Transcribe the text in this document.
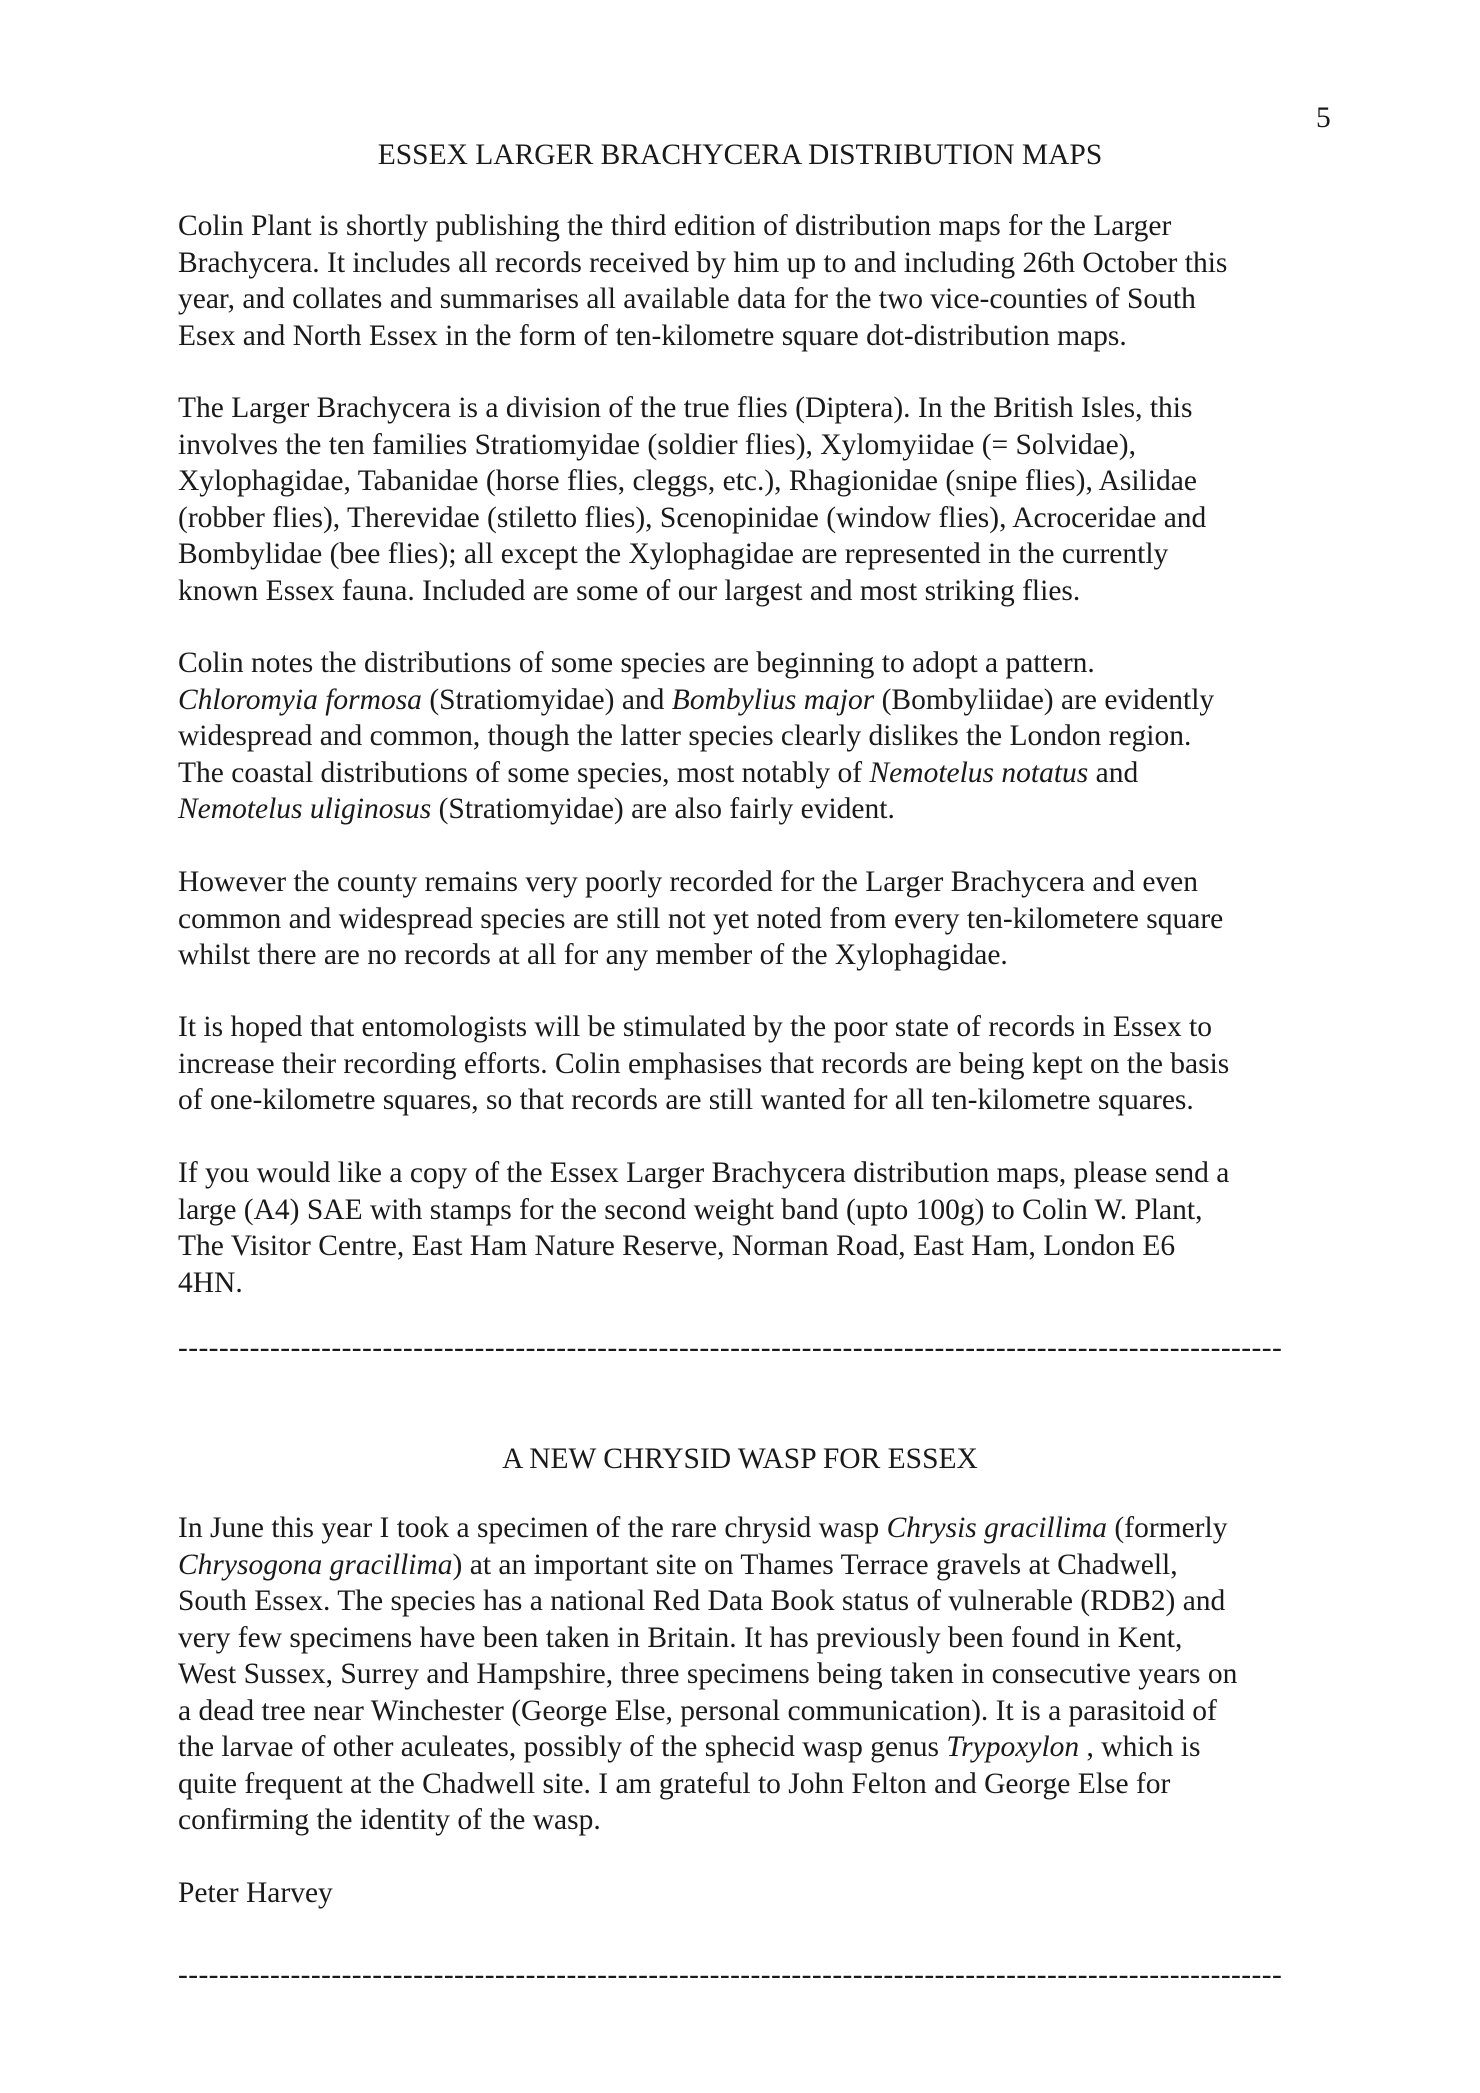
5
ESSEX LARGER BRACHYCERA DISTRIBUTION MAPS
Colin Plant is shortly publishing the third edition of distribution maps for the Larger
Brachycera. It includes all records received by him up to and including 26th October this
year, and collates and summarises all available data for the two vice-counties of South
Esex and North Essex in the form of ten-kilometre square dot-distribution maps.
The Larger Brachycera is a division of the true flies (Diptera). In the British Isles, this
involves the ten families Stratiomyidae (soldier flies), Xylomyiidae (= Solvidae),
Xylophagidae, Tabanidae (horse flies, cleggs, etc.), Rhagionidae (snipe flies), Asilidae
(robber flies), Therevidae (stiletto flies), Scenopinidae (window flies), Acroceridae and
Bombylidae (bee flies); all except the Xylophagidae are represented in the currently
known Essex fauna. Included are some of our largest and most striking flies.
Colin notes the distributions of some species are beginning to adopt a pattern.
Chloromyia formosa (Stratiomyidae) and Bombylius major (Bombyliidae) are evidently
widespread and common, though the latter species clearly dislikes the London region.
The coastal distributions of some species, most notably of Nemotelus notatus and
Nemotelus uliginosus (Stratiomyidae) are also fairly evident.
However the county remains very poorly recorded for the Larger Brachycera and even
common and widespread species are still not yet noted from every ten-kilometere square
whilst there are no records at all for any member of the Xylophagidae.
It is hoped that entomologists will be stimulated by the poor state of records in Essex to
increase their recording efforts. Colin emphasises that records are being kept on the basis
of one-kilometre squares, so that records are still wanted for all ten-kilometre squares.
If you would like a copy of the Essex Larger Brachycera distribution maps, please send a
large (A4) SAE with stamps for the second weight band (upto 100g) to Colin W. Plant,
The Visitor Centre, East Ham Nature Reserve, Norman Road, East Ham, London E6
4HN.
------------------------------------------------------------------------------------------------------------
A NEW CHRYSID WASP FOR ESSEX
In June this year I took a specimen of the rare chrysid wasp Chrysis gracillima (formerly
Chrysogona gracillima) at an important site on Thames Terrace gravels at Chadwell,
South Essex. The species has a national Red Data Book status of vulnerable (RDB2) and
very few specimens have been taken in Britain. It has previously been found in Kent,
West Sussex, Surrey and Hampshire, three specimens being taken in consecutive years on
a dead tree near Winchester (George Else, personal communication). It is a parasitoid of
the larvae of other aculeates, possibly of the sphecid wasp genus Trypoxylon , which is
quite frequent at the Chadwell site. I am grateful to John Felton and George Else for
confirming the identity of the wasp.
Peter Harvey
------------------------------------------------------------------------------------------------------------
